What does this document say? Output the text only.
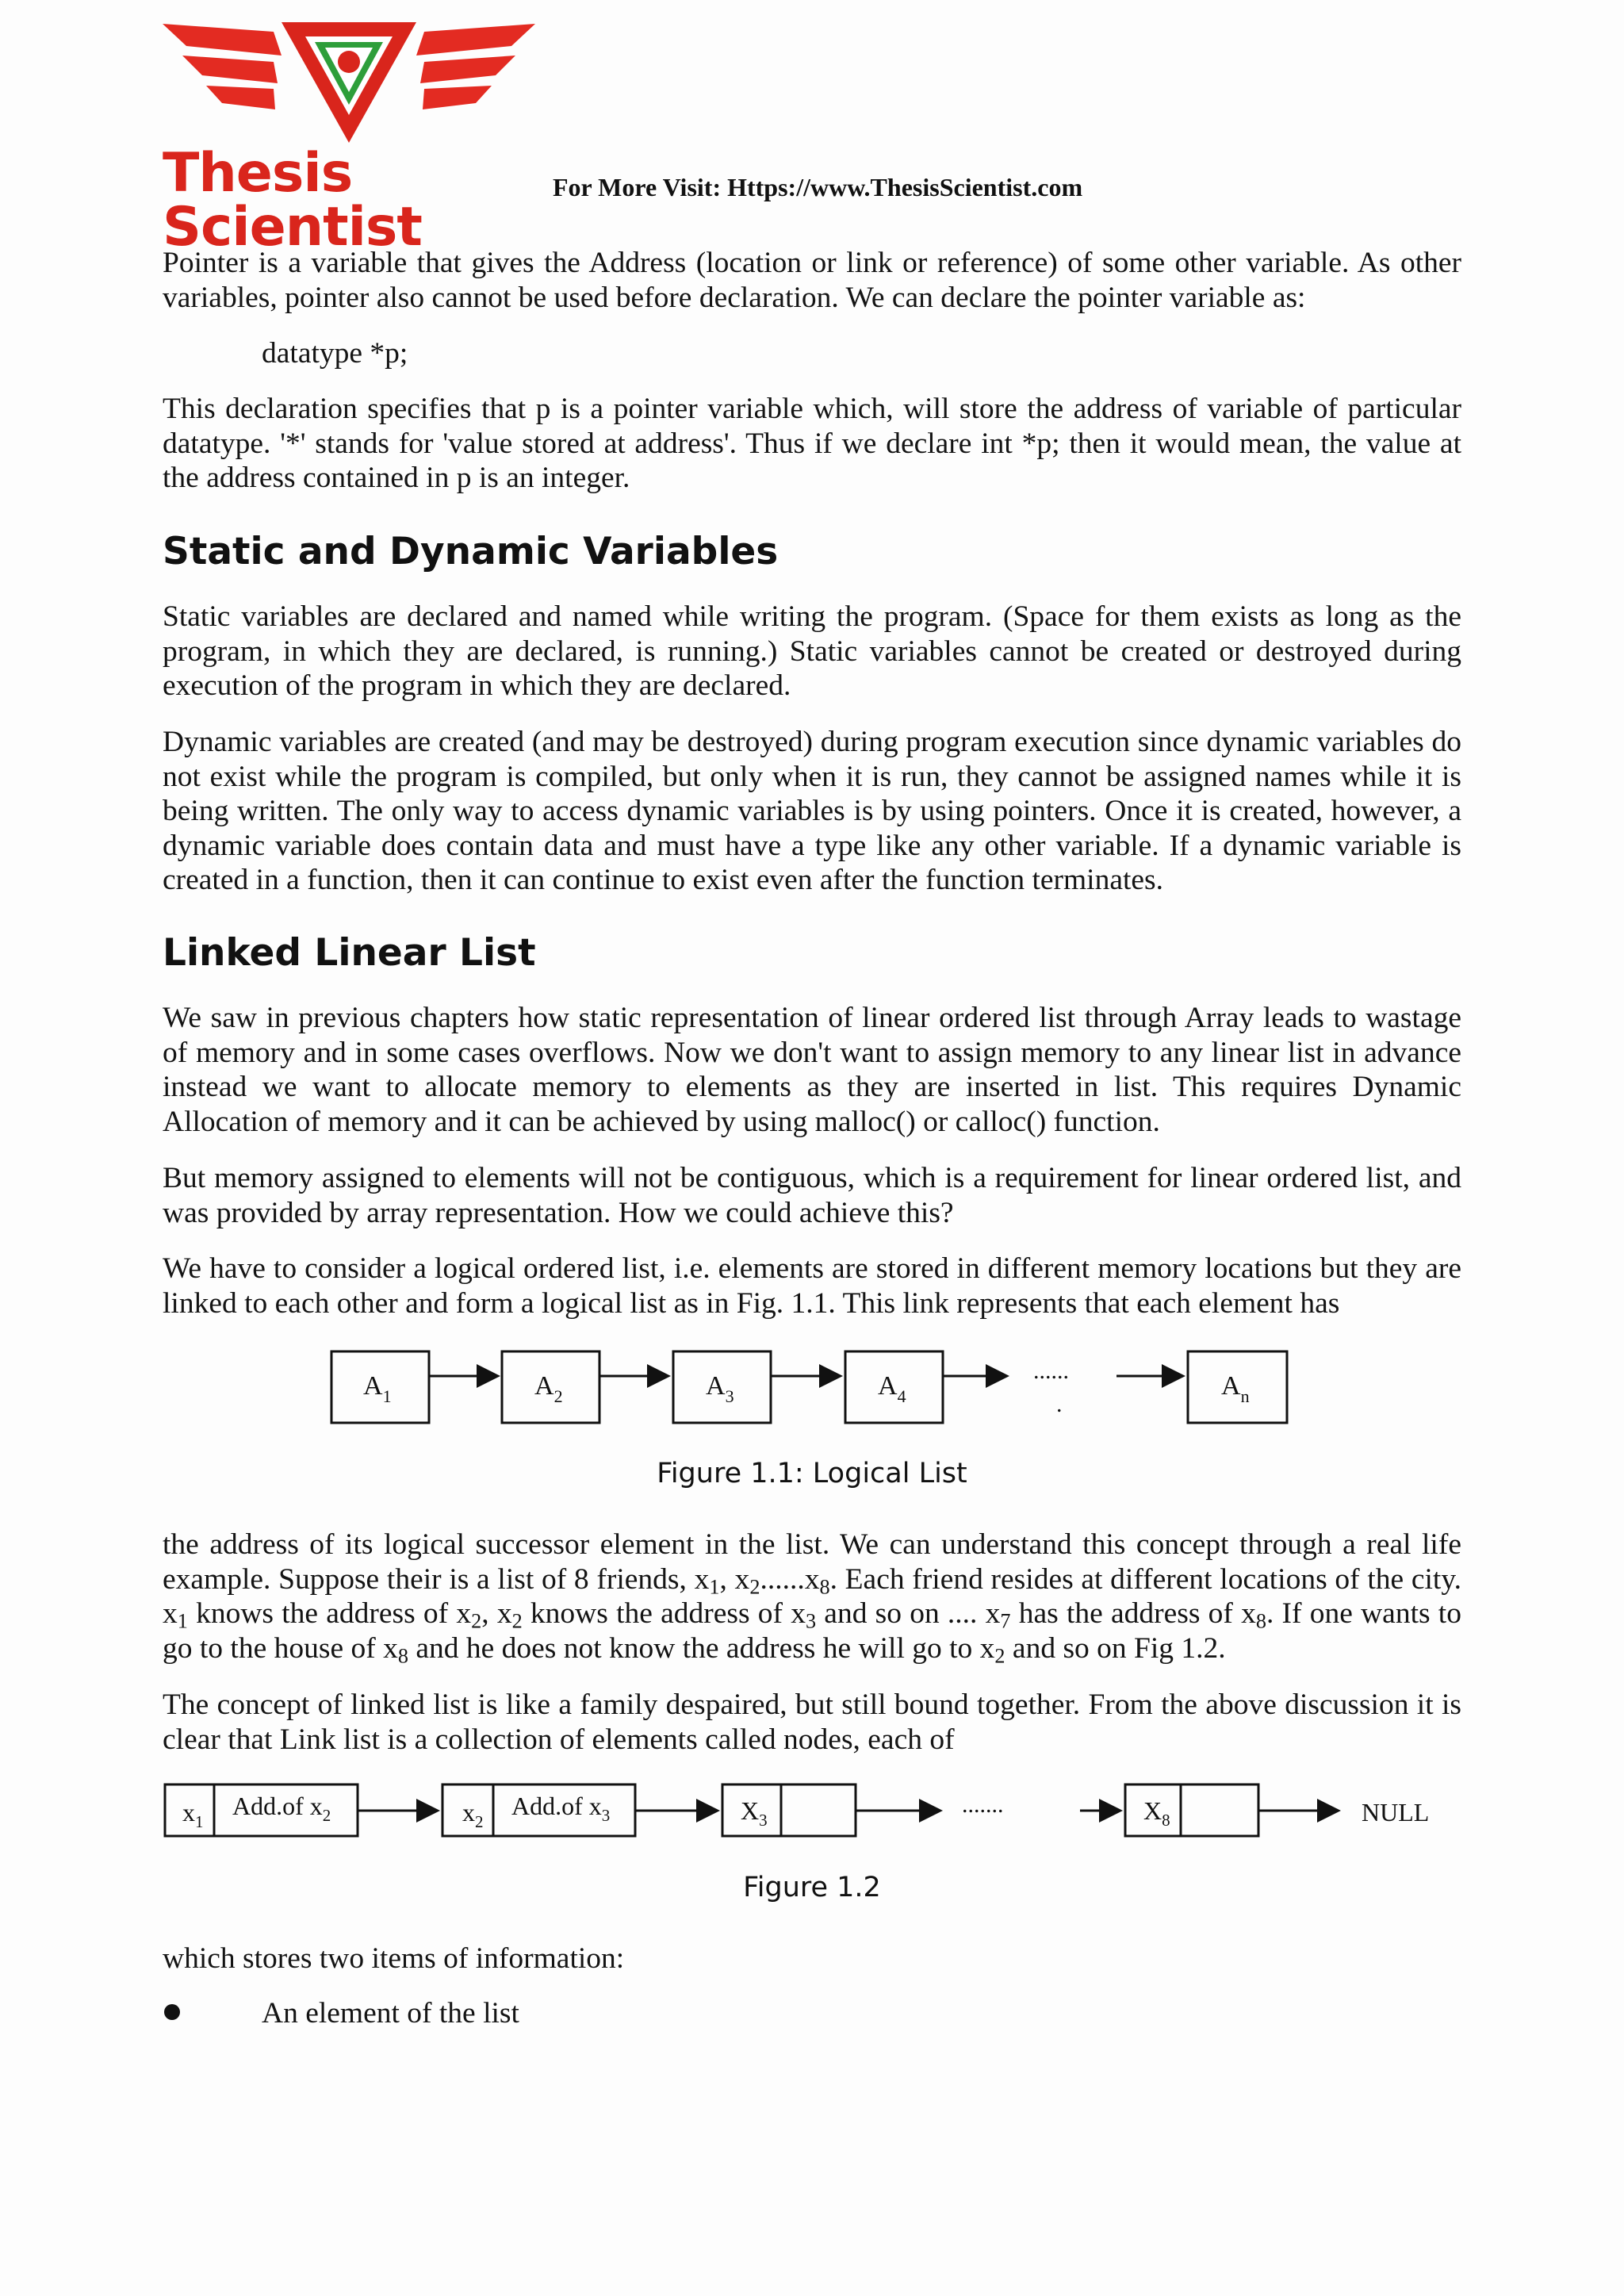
Thesis Scientist
For More Visit: Https://www.ThesisScientist.com
Pointer is a variable that gives the Address (location or link or reference) of some other variable. As other variables, pointer also cannot be used before declaration. We can declare the pointer variable as:
datatype *p;
This declaration specifies that p is a pointer variable which, will store the address of variable of particular datatype. '*' stands for 'value stored at address'. Thus if we declare int *p; then it would mean, the value at the address contained in p is an integer.
Static and Dynamic Variables
Static variables are declared and named while writing the program. (Space for them exists as long as the program, in which they are declared, is running.) Static variables cannot be created or destroyed during execution of the program in which they are declared.
Dynamic variables are created (and may be destroyed) during program execution since dynamic variables do not exist while the program is compiled, but only when it is run, they cannot be assigned names while it is being written. The only way to access dynamic variables is by using pointers. Once it is created, however, a dynamic variable does contain data and must have a type like any other variable. If a dynamic variable is created in a function, then it can continue to exist even after the function terminates.
Linked Linear List
We saw in previous chapters how static representation of linear ordered list through Array leads to wastage of memory and in some cases overflows. Now we don't want to assign memory to any linear list in advance instead we want to allocate memory to elements as they are inserted in list. This requires Dynamic Allocation of memory and it can be achieved by using malloc() or calloc() function.
But memory assigned to elements will not be contiguous, which is a requirement for linear ordered list, and was provided by array representation. How we could achieve this?
We have to consider a logical ordered list, i.e. elements are stored in different memory locations but they are linked to each other and form a logical list as in Fig. 1.1. This link represents that each element has
$A_1$	$A_2$	$A_3$	$A_4$
......
.
$A_n$
Figure 1.1: Logical List
the address of its logical successor element in the list. We can understand this concept through a real life example. Suppose their is a list of 8 friends, $x_1$, $x_2......x_8$. Each friend resides at different locations of the city. $x_1$ knows the address of $x_2$, $x_2$ knows the address of $x_3$ and so on .... $x_7$ has the address of $x_8$. If one wants to go to the house of $x_8$ and he does not know the address he will go to $x_2$ and so on Fig 1.2.
The concept of linked list is like a family despaired, but still bound together. From the above discussion it is clear that Link list is a collection of elements called nodes, each of
$x_1$
Add.of $x_2$	$x_2$
Add.of $x_3$	$X_3$
.......	$X_8$	NULL
Figure 1.2
which stores two items of information:
An element of the list
